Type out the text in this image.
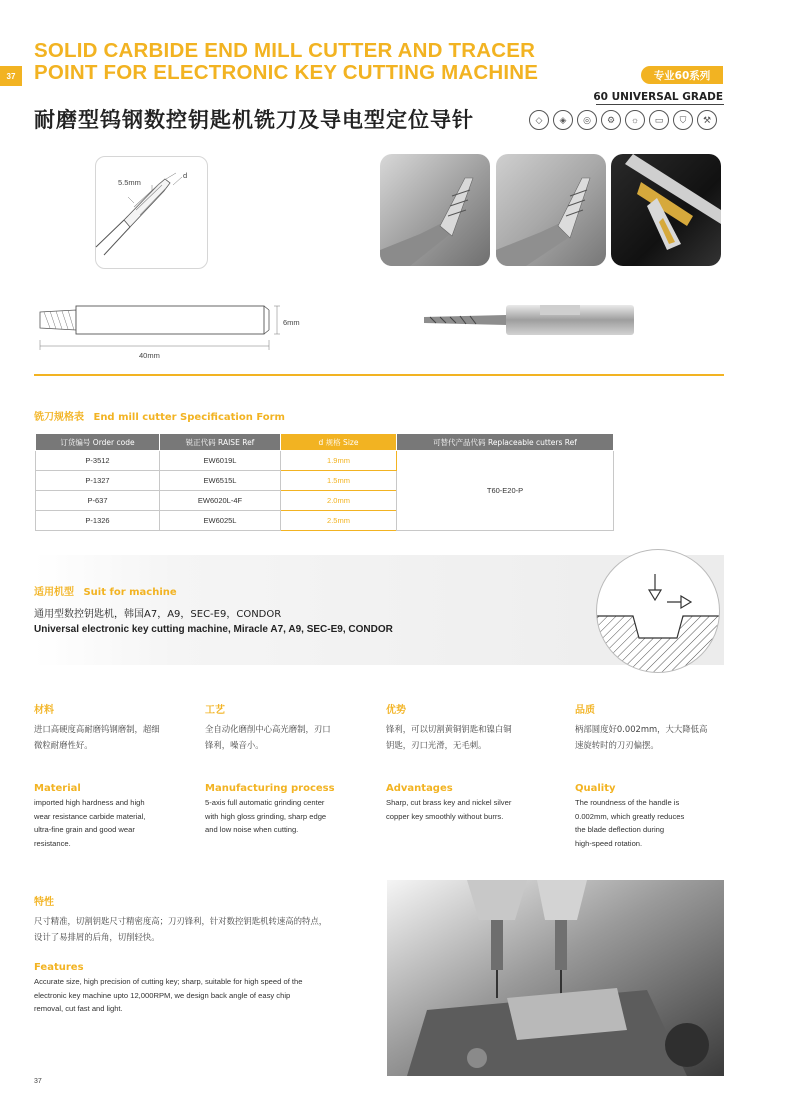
37
SOLID CARBIDE END MILL CUTTER AND TRACER
POINT FOR ELECTRONIC KEY CUTTING MACHINE	专业60系列
60 UNIVERSAL GRADE
耐磨型钨钢数控钥匙机铣刀及导电型定位导针	◇	◈	◎	⚙	☼	▭	⛉	⚒
5.5mm
d
6mm
40mm
铣刀规格表 End mill cutter Specification Form
订货编号 Order code	锐正代码 RAISE Ref	d 规格 Size	可替代产品代码 Replaceable cutters Ref
P-3512	EW6019L	1.9mm	T60-E20-P
P-1327	EW6515L	1.5mm	
P-637	EW6020L-4F	2.0mm	
P-1326	EW6025L	2.5mm	
适用机型 Suit for machine
通用型数控钥匙机，韩国A7，A9，SEC-E9，CONDOR
Universal electronic key cutting machine, Miracle A7, A9, SEC-E9, CONDOR
材料
进口高硬度高耐磨钨钢磨制，超细
微粒耐磨性好。
工艺
全自动化磨削中心高光磨制，刃口
锋利，噪音小。
优势
锋利，可以切割黄铜钥匙和镍白铜
钥匙，刃口光滑，无毛刺。
品质
柄部圆度好0.002mm，大大降低高
速旋转时的刀刃偏摆。
Material
imported high hardness and high
wear resistance carbide material,
ultra-fine grain and good wear
resistance.
Manufacturing process
5-axis full automatic grinding center
with high gloss grinding, sharp edge
and low noise when cutting.
Advantages
Sharp, cut brass key and nickel silver
copper key smoothly without burrs.
Quality
The roundness of the handle is
0.002mm, which greatly reduces
the blade deflection during
high-speed rotation.
特性
尺寸精准，切割钥匙尺寸精密度高；刀刃锋利，针对数控钥匙机转速高的特点，
设计了易排屑的后角，切削轻快。
Features
Accurate size, high precision of cutting key; sharp, suitable for high speed of the
electronic key machine upto 12,000RPM, we design back angle of easy chip
removal, cut fast and light.
37
